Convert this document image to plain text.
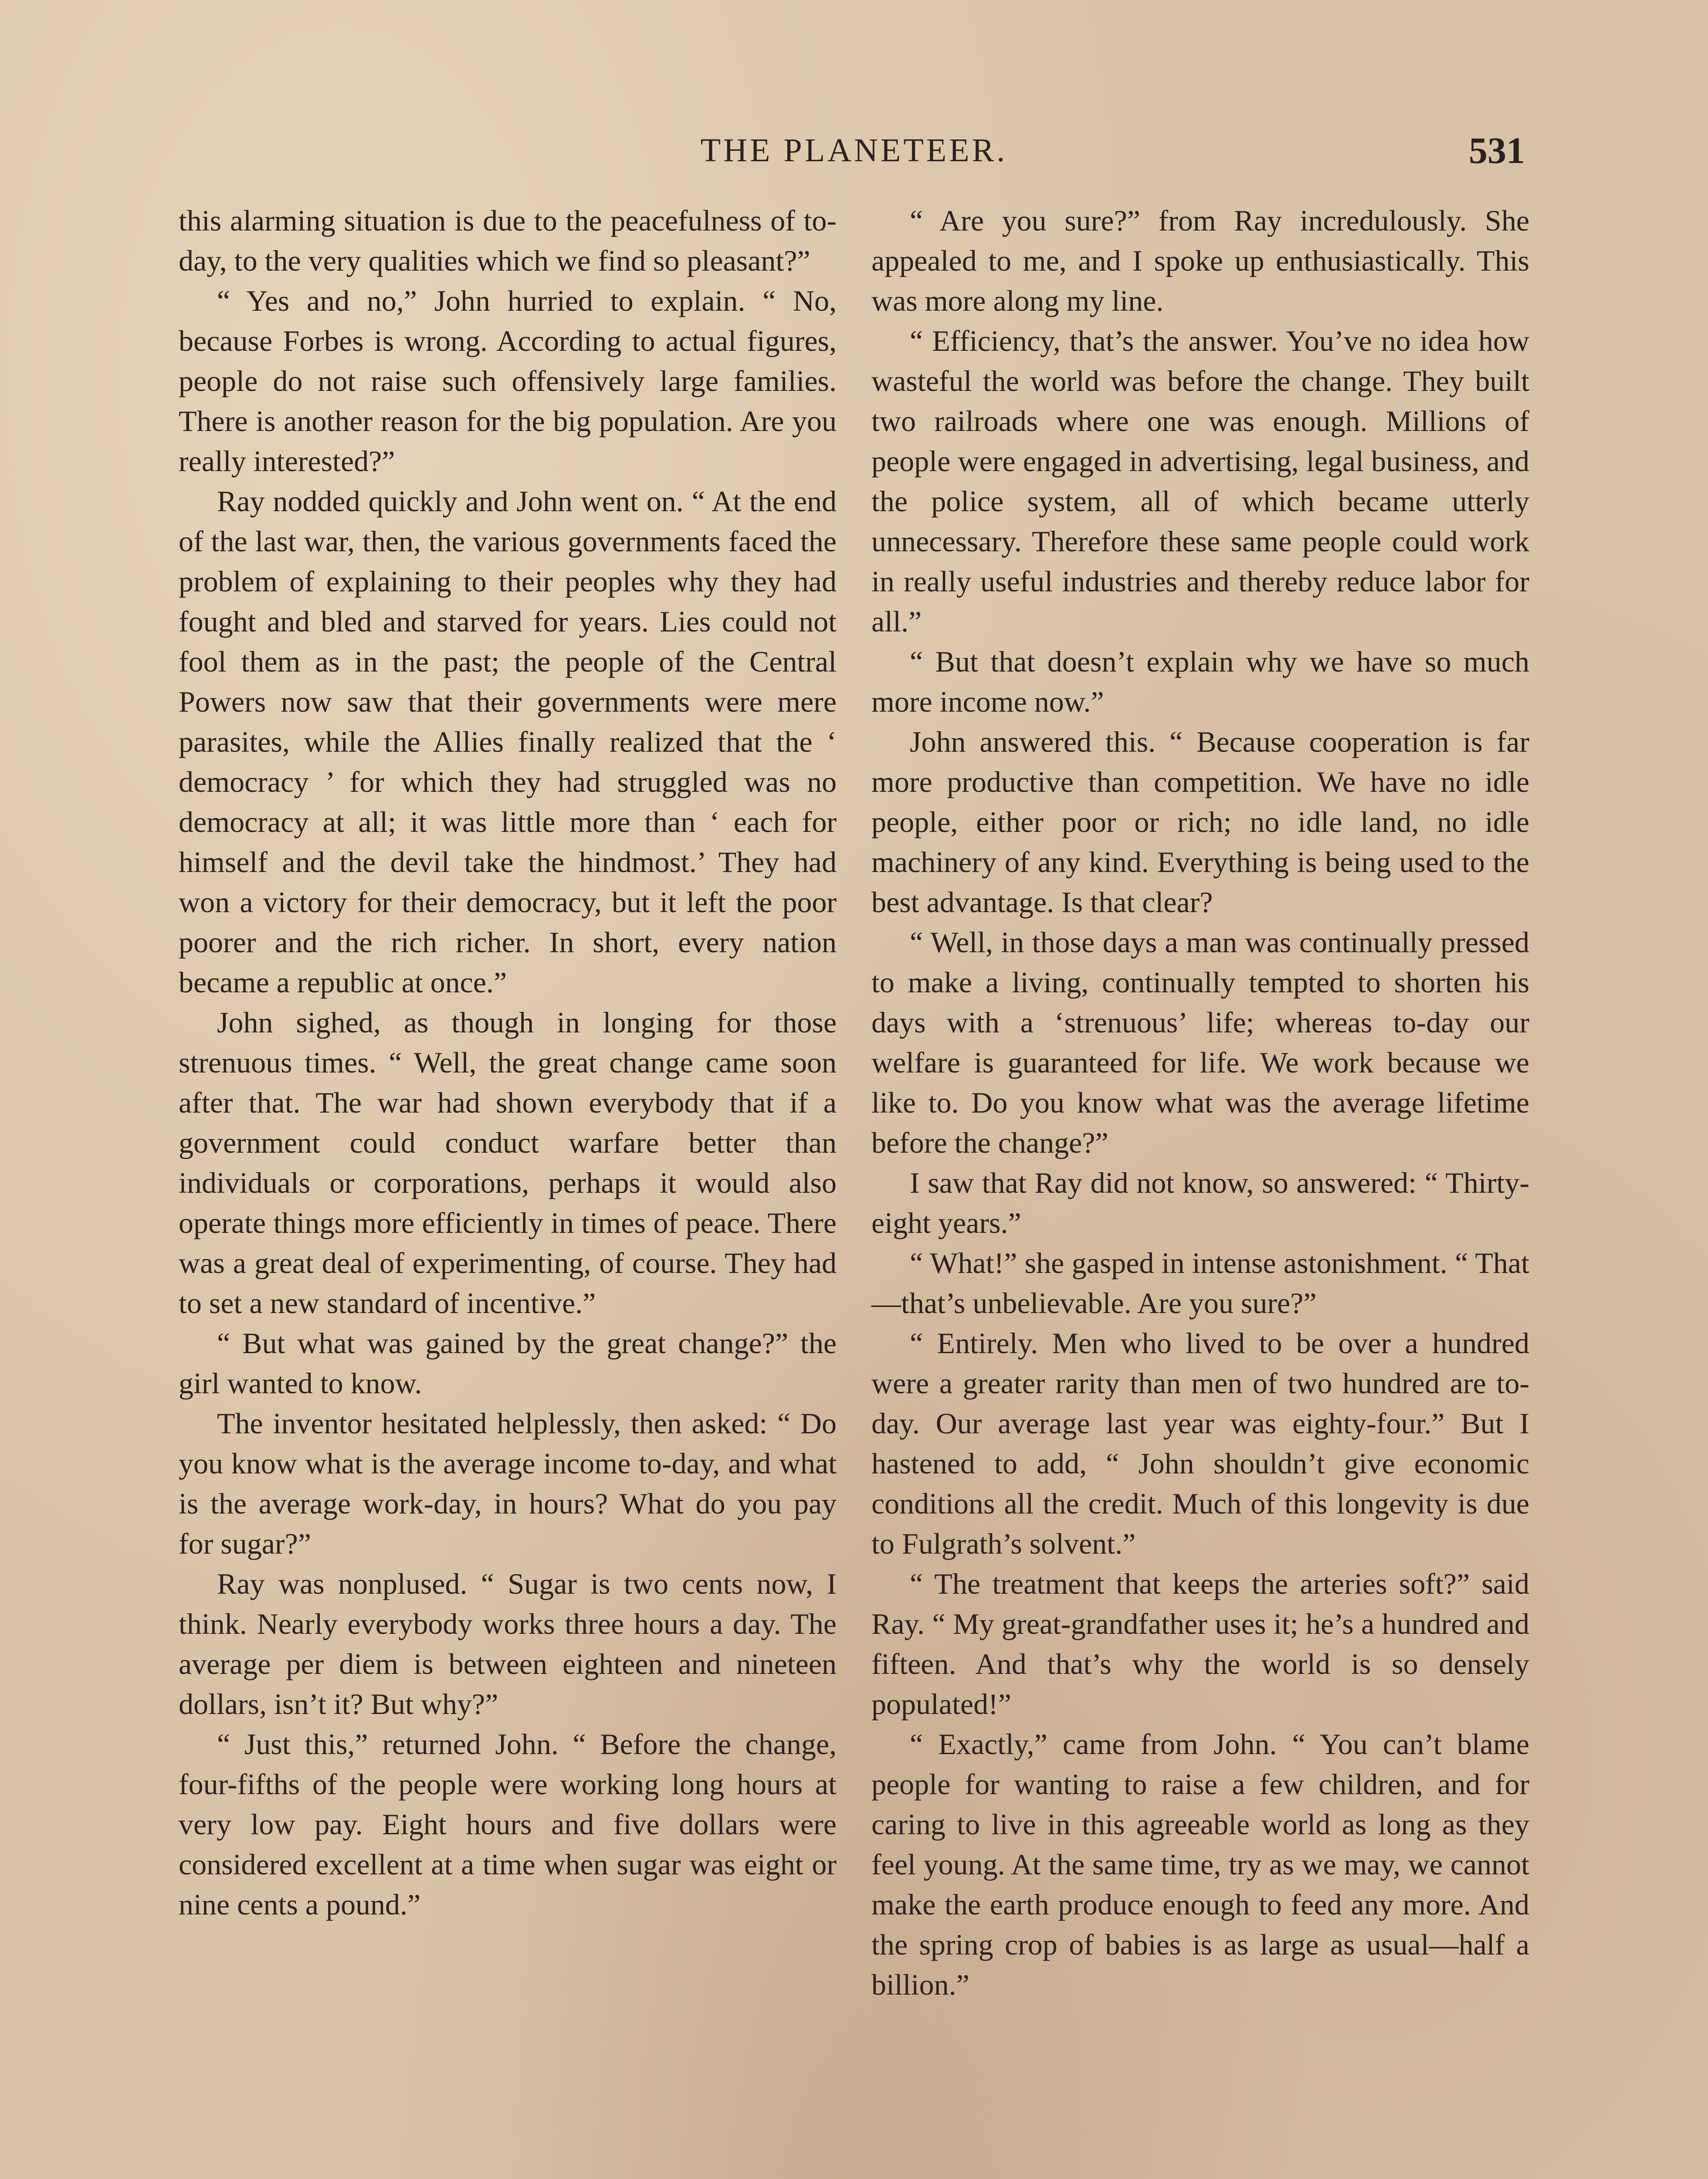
THE PLANETEER.	531

this alarming situation is due to the peacefulness of to-day, to the very qualities which we find so pleasant?”

“ Yes and no,” John hurried to explain. “ No, because Forbes is wrong. According to actual figures, people do not raise such offensively large families. There is another reason for the big population. Are you really interested?”

Ray nodded quickly and John went on. “ At the end of the last war, then, the various governments faced the problem of explaining to their peoples why they had fought and bled and starved for years. Lies could not fool them as in the past; the people of the Central Powers now saw that their governments were mere parasites, while the Allies finally realized that the ‘ democracy ’ for which they had struggled was no democracy at all; it was little more than ‘ each for himself and the devil take the hindmost.’ They had won a victory for their democracy, but it left the poor poorer and the rich richer. In short, every nation became a republic at once.”

John sighed, as though in longing for those strenuous times. “ Well, the great change came soon after that. The war had shown everybody that if a government could conduct warfare better than individuals or corporations, perhaps it would also operate things more efficiently in times of peace. There was a great deal of experimenting, of course. They had to set a new standard of incentive.”

“ But what was gained by the great change?” the girl wanted to know.

The inventor hesitated helplessly, then asked: “ Do you know what is the average income to-day, and what is the average work-day, in hours? What do you pay for sugar?”

Ray was nonplused. “ Sugar is two cents now, I think. Nearly everybody works three hours a day. The average per diem is between eighteen and nineteen dollars, isn’t it? But why?”

“ Just this,” returned John. “ Before the change, four-fifths of the people were working long hours at very low pay. Eight hours and five dollars were considered excellent at a time when sugar was eight or nine cents a pound.”

“ Are you sure?” from Ray incredulously. She appealed to me, and I spoke up enthusiastically. This was more along my line.

“ Efficiency, that’s the answer. You’ve no idea how wasteful the world was before the change. They built two railroads where one was enough. Millions of people were engaged in advertising, legal business, and the police system, all of which became utterly unnecessary. Therefore these same people could work in really useful industries and thereby reduce labor for all.”

“ But that doesn’t explain why we have so much more income now.”

John answered this. “ Because cooperation is far more productive than competition. We have no idle people, either poor or rich; no idle land, no idle machinery of any kind. Everything is being used to the best advantage. Is that clear?

“ Well, in those days a man was continually pressed to make a living, continually tempted to shorten his days with a ‘strenuous’ life; whereas to-day our welfare is guaranteed for life. We work because we like to. Do you know what was the average lifetime before the change?”

I saw that Ray did not know, so answered: “ Thirty-eight years.”

“ What!” she gasped in intense astonishment. “ That—that’s unbelievable. Are you sure?”

“ Entirely. Men who lived to be over a hundred were a greater rarity than men of two hundred are to-day. Our average last year was eighty-four.” But I hastened to add, “ John shouldn’t give economic conditions all the credit. Much of this longevity is due to Fulgrath’s solvent.”

“ The treatment that keeps the arteries soft?” said Ray. “ My great-grandfather uses it; he’s a hundred and fifteen. And that’s why the world is so densely populated!”

“ Exactly,” came from John. “ You can’t blame people for wanting to raise a few children, and for caring to live in this agreeable world as long as they feel young. At the same time, try as we may, we cannot make the earth produce enough to feed any more. And the spring crop of babies is as large as usual—half a billion.”
